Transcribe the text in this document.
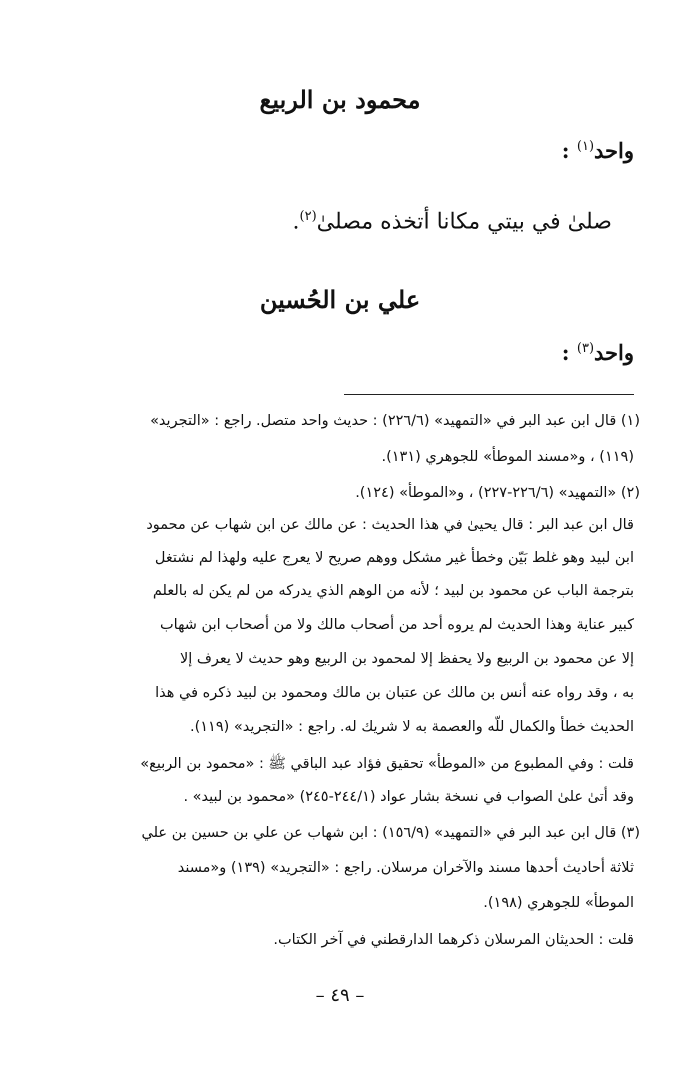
محمود بن الربيع
واحد$^{(١)}$ :
صلىٰ في بيتي مكانا أتخذه مصلىٰ$^{(٢)}$.
علي بن الحُسين
واحد$^{(٣)}$ :
(١) قال ابن عبد البر في «التمهيد» (٢٢٦/٦) : حديث واحد متصل. راجع : «التجريد»
(١١٩) ، و«مسند الموطأ» للجوهري (١٣١).
(٢) «التمهيد» (٢٢٦/٦-٢٢٧) ، و«الموطأ» (١٢٤).
قال ابن عبد البر : قال يحيىٰ في هذا الحديث : عن مالك عن ابن شهاب عن محمود
ابن لبيد وهو غلط بَيّن وخطأ غير مشكل ووهم صريح لا يعرج عليه ولهذا لم نشتغل
بترجمة الباب عن محمود بن لبيد ؛ لأنه من الوهم الذي يدركه من لم يكن له بالعلم
كبير عناية وهذا الحديث لم يروه أحد من أصحاب مالك ولا من أصحاب ابن شهاب
إلا عن محمود بن الربيع ولا يحفظ إلا لمحمود بن الربيع وهو حديث لا يعرف إلا
به ، وقد رواه عنه أنس بن مالك عن عتبان بن مالك ومحمود بن لبيد ذكره في هذا
الحديث خطأ والكمال للّه والعصمة به لا شريك له. راجع : «التجريد» (١١٩).
قلت : وفي المطبوع من «الموطأ» تحقيق فؤاد عبد الباقي ﷺ : «محمود بن الربيع»
وقد أتىٰ علىٰ الصواب في نسخة بشار عواد (٢٤٤/١-٢٤٥) «محمود بن لبيد» .
(٣) قال ابن عبد البر في «التمهيد» (١٥٦/٩) : ابن شهاب عن علي بن حسين بن علي
ثلاثة أحاديث أحدها مسند والآخران مرسلان. راجع : «التجريد» (١٣٩) و«مسند
الموطأ» للجوهري (١٩٨).
قلت : الحديثان المرسلان ذكرهما الدارقطني في آخر الكتاب.
– ٤٩ –
